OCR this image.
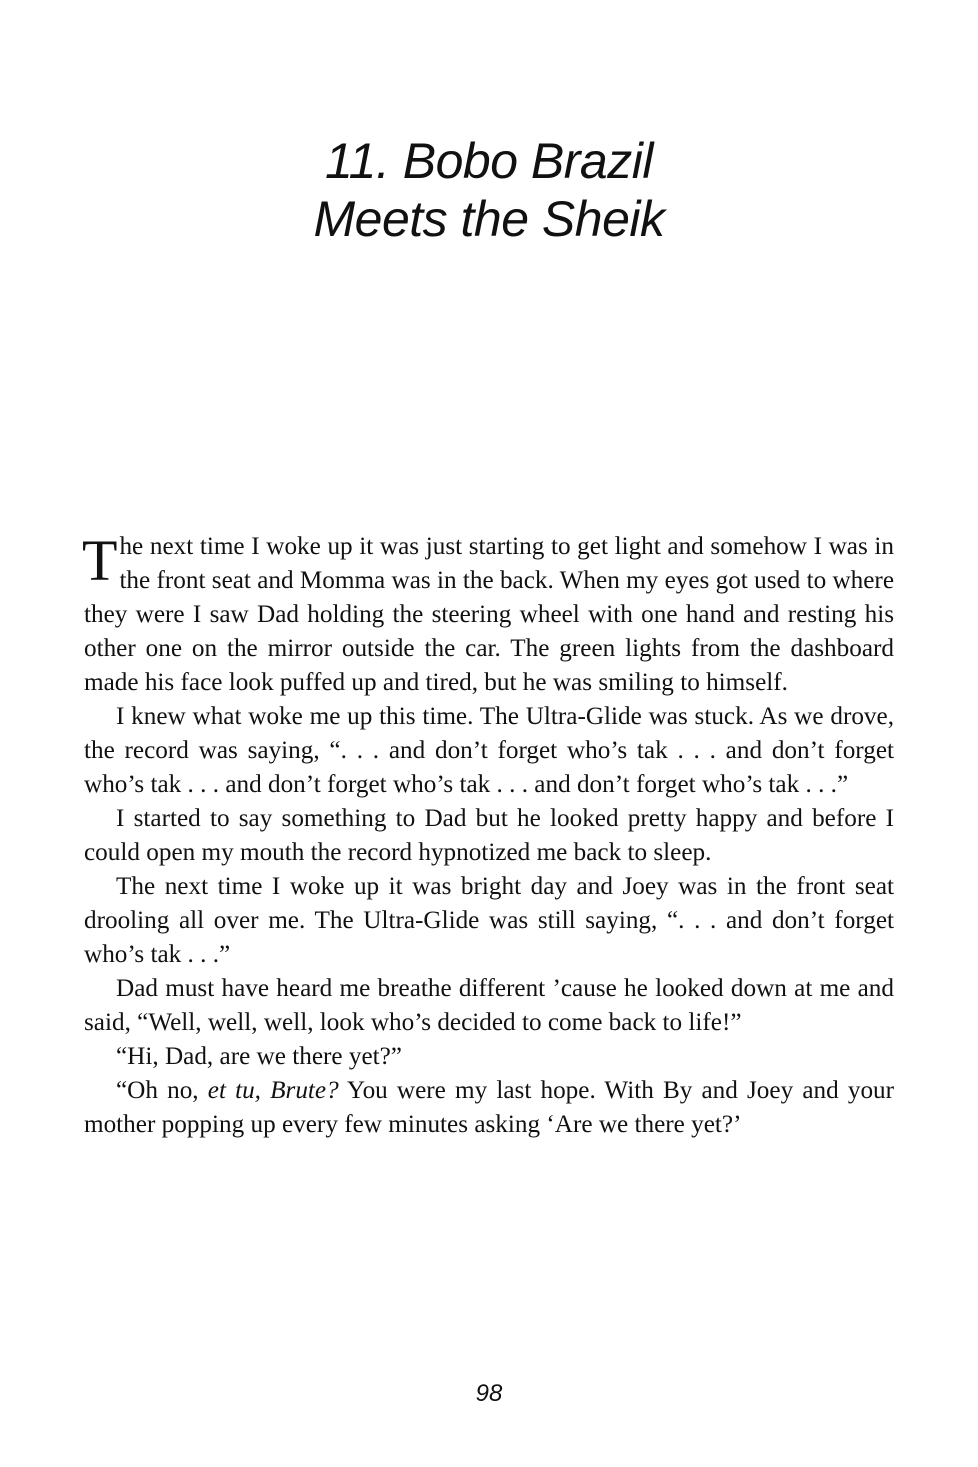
11. Bobo Brazil
Meets the Sheik

The next time I woke up it was just starting to get light and somehow I was in the front seat and Momma was in the back. When my eyes got used to where they were I saw Dad holding the steering wheel with one hand and resting his other one on the mirror outside the car. The green lights from the dashboard made his face look puffed up and tired, but he was smiling to himself.

I knew what woke me up this time. The Ultra-Glide was stuck. As we drove, the record was saying, “. . . and don’t forget who’s tak . . . and don’t forget who’s tak . . . and don’t forget who’s tak . . . and don’t forget who’s tak . . .”

I started to say something to Dad but he looked pretty happy and before I could open my mouth the record hypnotized me back to sleep.

The next time I woke up it was bright day and Joey was in the front seat drooling all over me. The Ultra-Glide was still saying, “. . . and don’t forget who’s tak . . .”

Dad must have heard me breathe different ’cause he looked down at me and said, “Well, well, well, look who’s decided to come back to life!”

“Hi, Dad, are we there yet?”

“Oh no, et tu, Brute? You were my last hope. With By and Joey and your mother popping up every few minutes asking ‘Are we there yet?’

98
